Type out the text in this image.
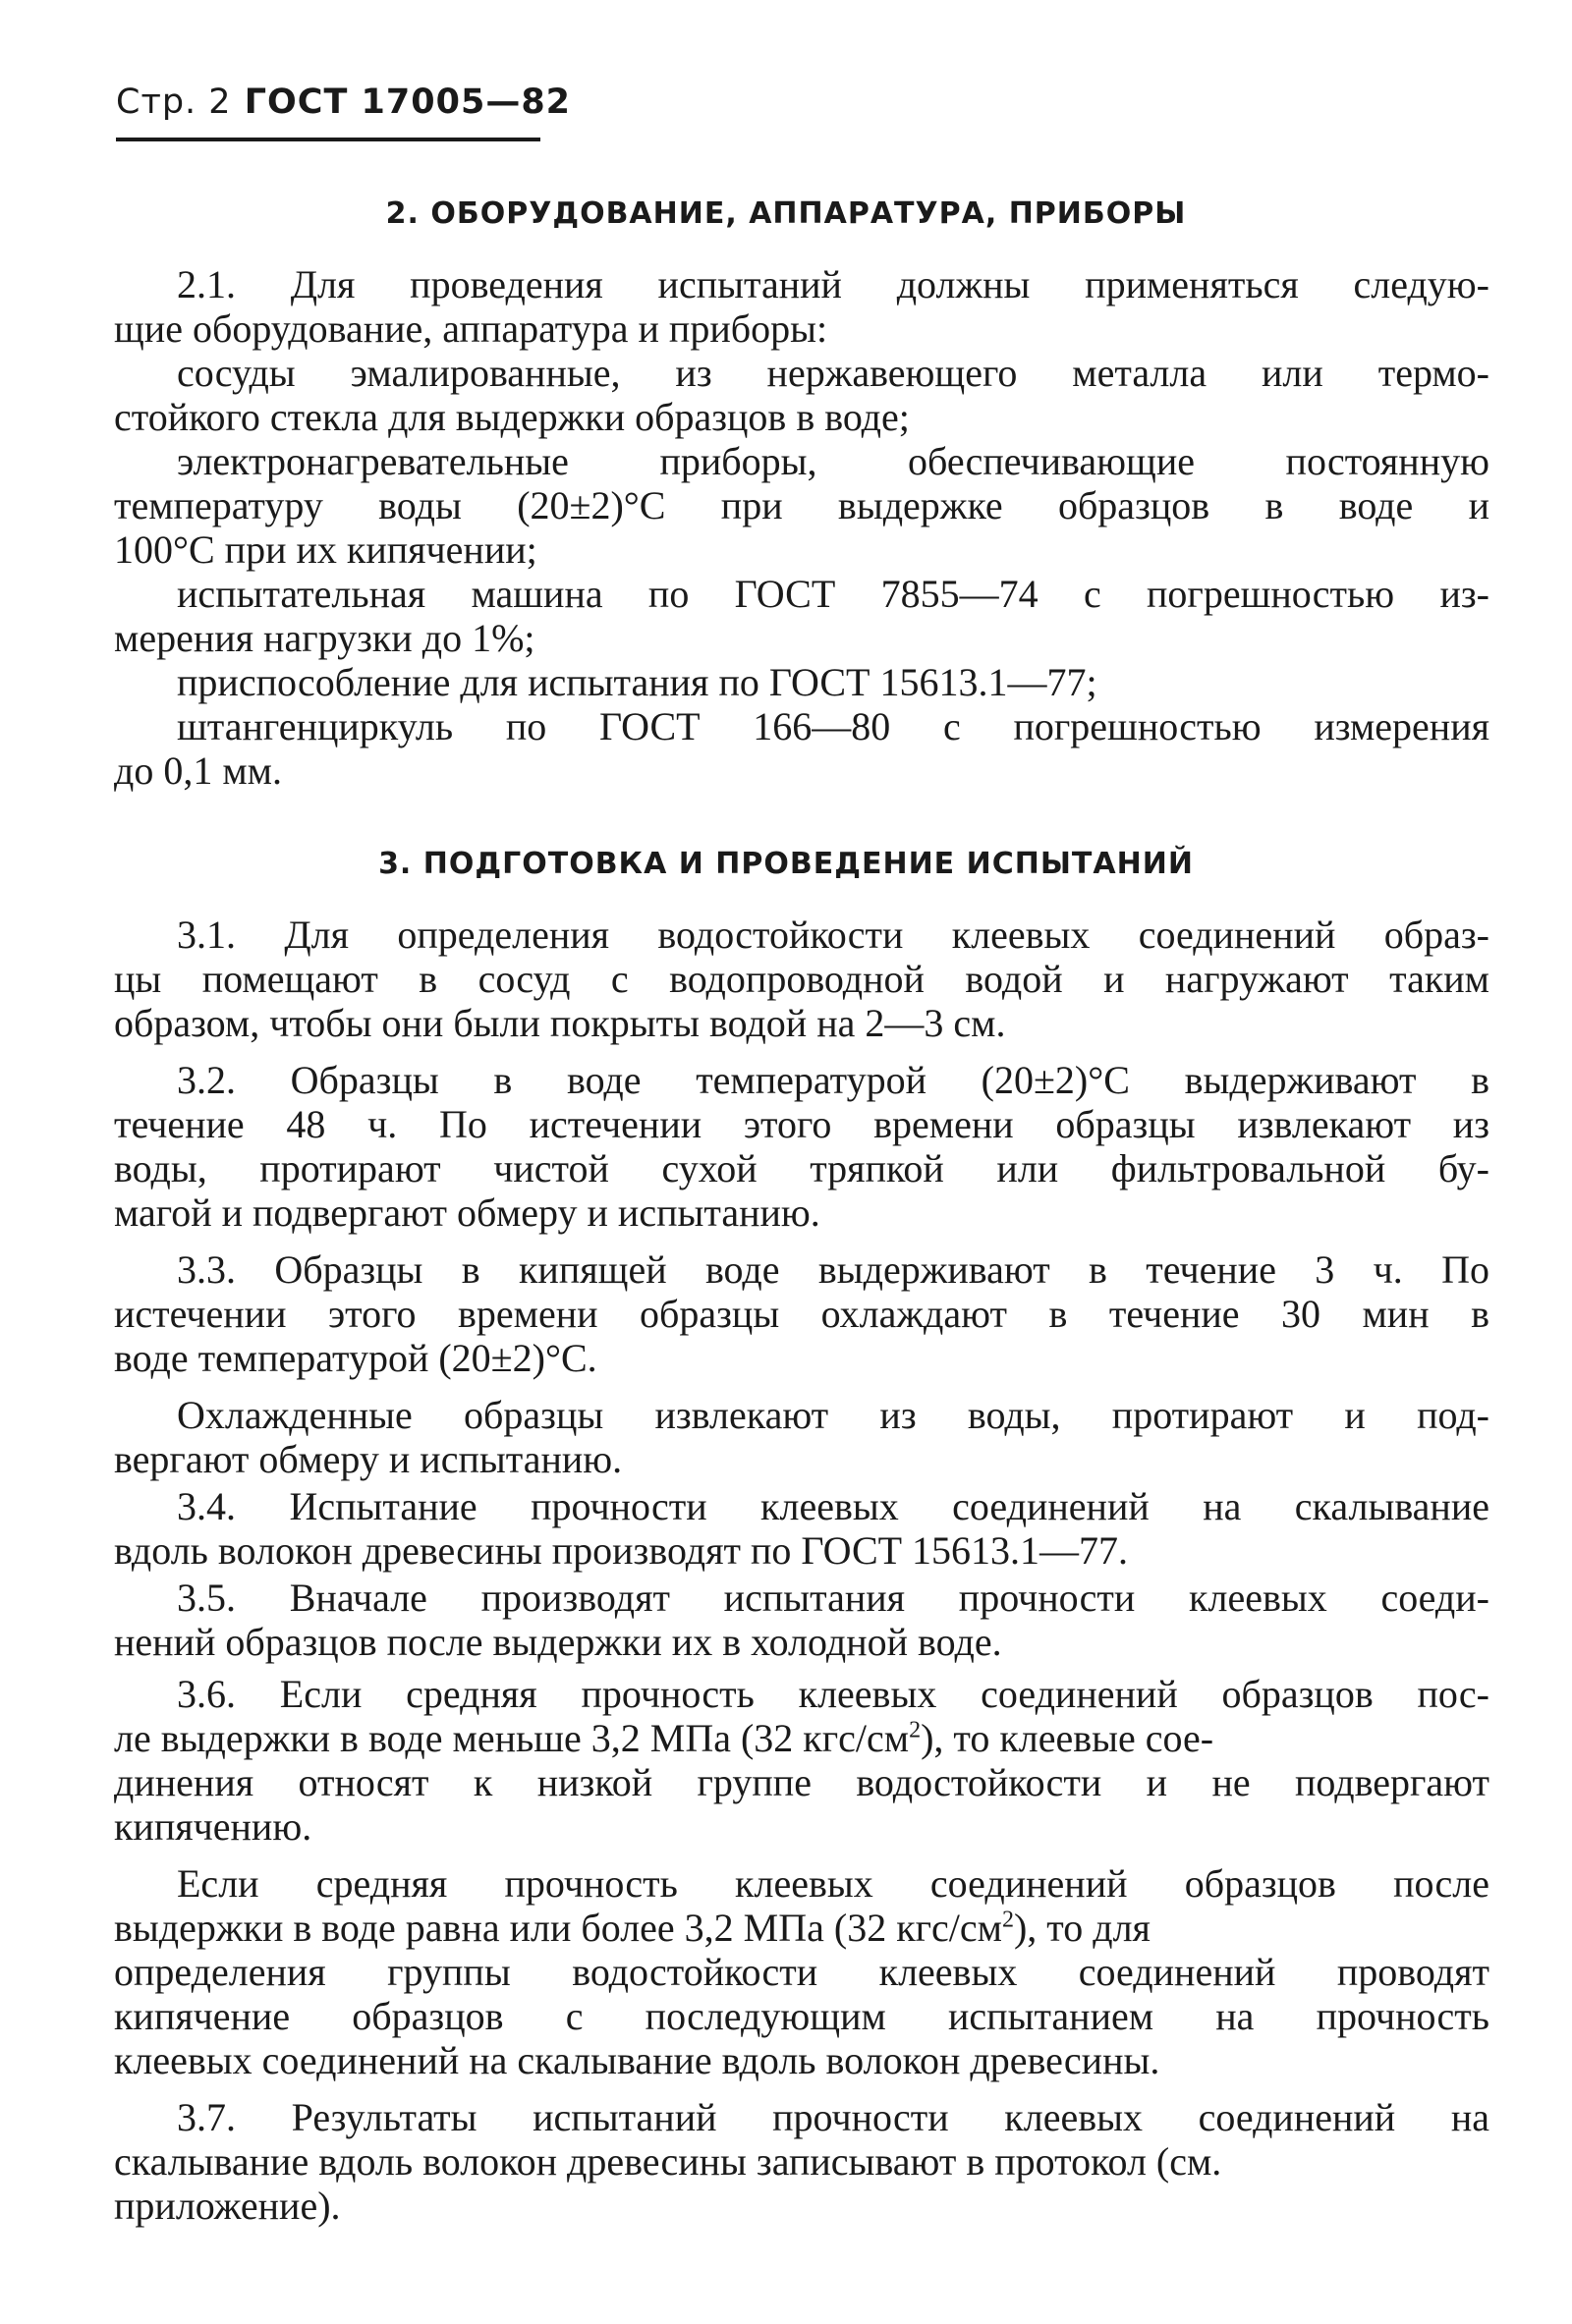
Стр. 2 ГОСТ 17005—82
2. ОБОРУДОВАНИЕ, АППАРАТУРА, ПРИБОРЫ
2.1. Для проведения испытаний должны применяться следую-
щие оборудование, аппаратура и приборы:
сосуды эмалированные, из нержавеющего металла или термо-
стойкого стекла для выдержки образцов в воде;
электронагревательные приборы, обеспечивающие постоянную
температуру воды (20±2)°С при выдержке образцов в воде и
100°С при их кипячении;
испытательная машина по ГОСТ 7855—74 с погрешностью из-
мерения нагрузки до 1%;
приспособление для испытания по ГОСТ 15613.1—77;
штангенциркуль по ГОСТ 166—80 с погрешностью измерения
до 0,1 мм.
3. ПОДГОТОВКА И ПРОВЕДЕНИЕ ИСПЫТАНИЙ
3.1. Для определения водостойкости клеевых соединений образ-
цы помещают в сосуд с водопроводной водой и нагружают таким
образом, чтобы они были покрыты водой на 2—3 см.
3.2. Образцы в воде температурой (20±2)°С выдерживают в
течение 48 ч. По истечении этого времени образцы извлекают из
воды, протирают чистой сухой тряпкой или фильтровальной бу-
магой и подвергают обмеру и испытанию.
3.3. Образцы в кипящей воде выдерживают в течение 3 ч. По
истечении этого времени образцы охлаждают в течение 30 мин в
воде температурой (20±2)°С.
Охлажденные образцы извлекают из воды, протирают и под-
вергают обмеру и испытанию.
3.4. Испытание прочности клеевых соединений на скалывание
вдоль волокон древесины производят по ГОСТ 15613.1—77.
3.5. Вначале производят испытания прочности клеевых соеди-
нений образцов после выдержки их в холодной воде.
3.6. Если средняя прочность клеевых соединений образцов пос-
ле выдержки в воде меньше 3,2 МПа (32 кгс/$см^2$), то клеевые сое-
динения относят к низкой группе водостойкости и не подвергают
кипячению.
Если средняя прочность клеевых соединений образцов после
выдержки в воде равна или более 3,2 МПа (32 кгс/$см^2$), то для
определения группы водостойкости клеевых соединений проводят
кипячение образцов с последующим испытанием на прочность
клеевых соединений на скалывание вдоль волокон древесины.
3.7. Результаты испытаний прочности клеевых соединений на
скалывание вдоль волокон древесины записывают в протокол (см.
приложение).
